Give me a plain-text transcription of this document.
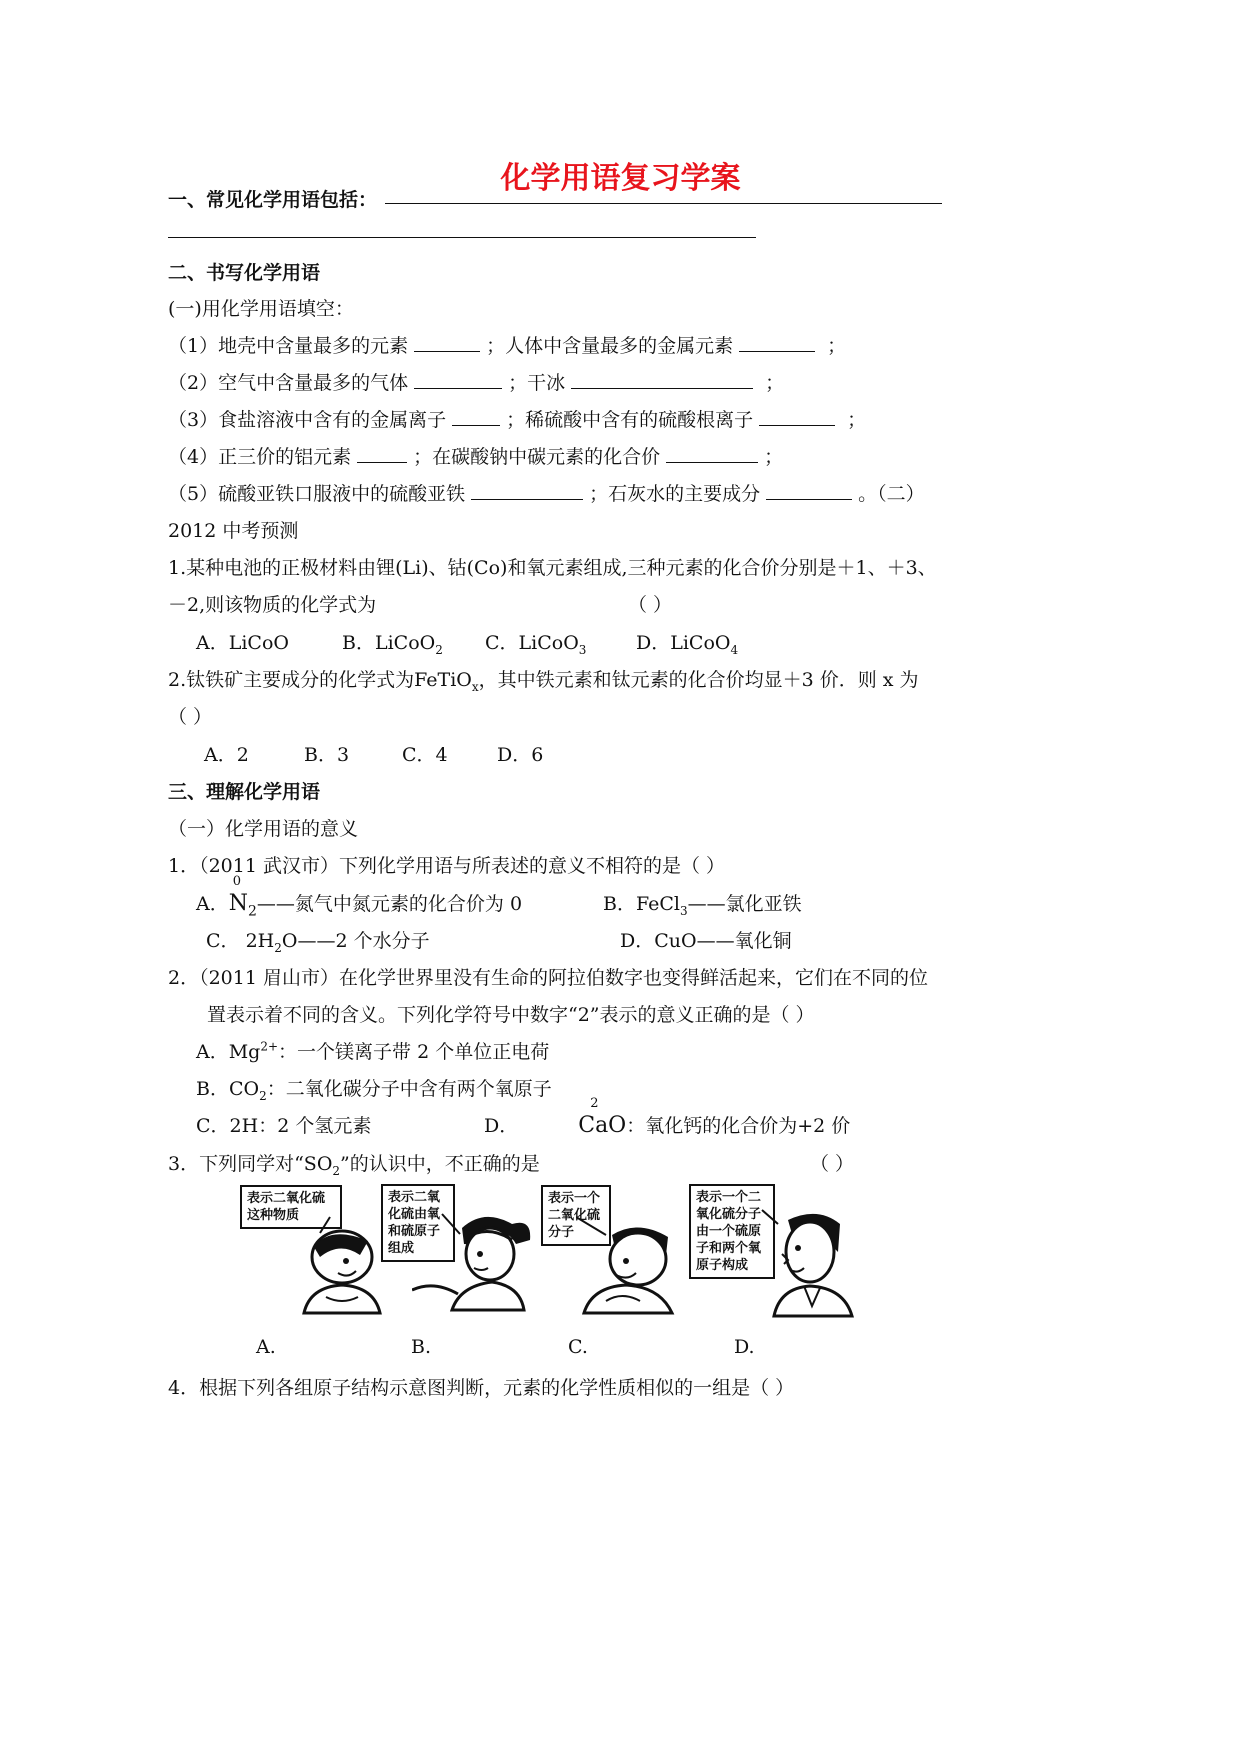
化学用语复习学案
一、常见化学用语包括：
二、书写化学用语
(一)用化学用语填空：
（1）地壳中含量最多的元素	；人体中含量最多的金属元素	；
（2）空气中含量最多的气体	；干冰	；
（3）食盐溶液中含有的金属离子	；稀硫酸中含有的硫酸根离子	；
（4）正三价的铝元素	；在碳酸钠中碳元素的化合价	；
（5）硫酸亚铁口服液中的硫酸亚铁	；石灰水的主要成分	。（二）
2012 中考预测
1.某种电池的正极材料由锂(Li)、钴(Co)和氧元素组成,三种元素的化合价分别是＋1、＋3、
－2,则该物质的化学式为	（ ）
A．LiCoO	B．LiCoO$_2$ C．LiCoO$_3$	D．LiCoO$_4$
2.钛铁矿主要成分的化学式为FeTiO$_x$，其中铁元素和钛元素的化合价均显＋3 价．则 x 为
（ ）
A．2	B．3	C．4	D．6
三、理解化学用语
（一）化学用语的意义
1．（2011 武汉市）下列化学用语与所表述的意义不相符的是（ ）
A．
0
$N_2——$氮气中氮元素的化合价为 0	B．FeCl$_3$——氯化亚铁
C． $2H_2O——2$ 个水分子	D．CuO——氧化铜
2．（2011 眉山市）在化学世界里没有生命的阿拉伯数字也变得鲜活起来，它们在不同的位
置表示着不同的含义。下列化学符号中数字“2”表示的意义正确的是（ ）
A．$Mg^{2+}$：一个镁离子带 2 个单位正电荷
B．$CO_2$：二氧化碳分子中含有两个氧原子
C．2H：2 个氢元素	D．
2
CaO：氧化钙的化合价为+2 价
3．下列同学对“$SO_2$”的认识中，不正确的是	（ ）
表示二氧化硫这种物质
表示二氧化硫由氧和硫原子组成
表示一个二氧化硫分子
表示一个二氧化硫分子由一个硫原子和两个氧原子构成
A.	B.	C.	D.
4．根据下列各组原子结构示意图判断，元素的化学性质相似的一组是（ ）
